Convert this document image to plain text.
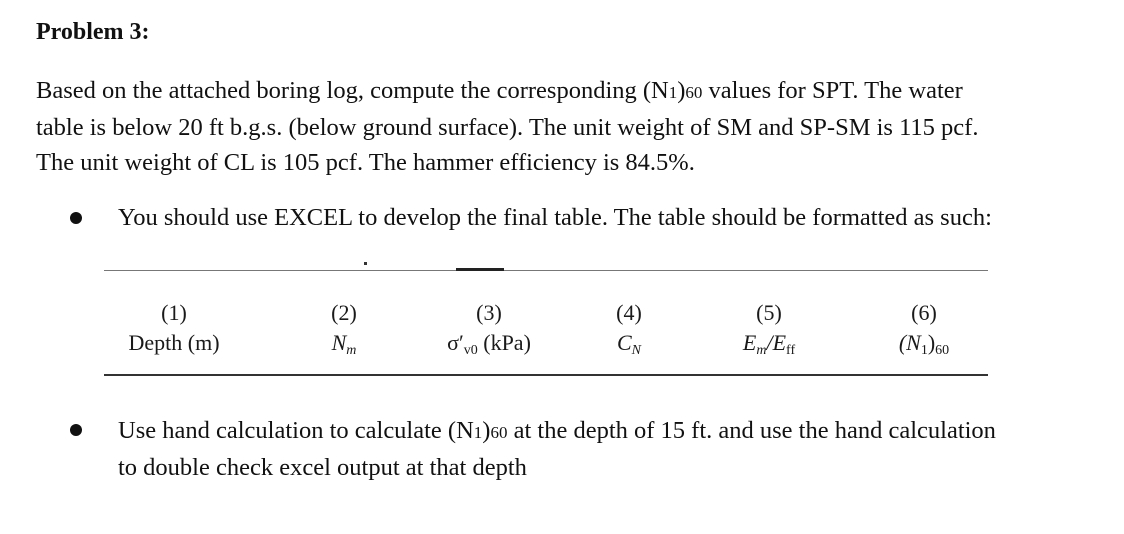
Problem 3:
Based on the attached boring log, compute the corresponding (N1)60 values for SPT. The water
table is below 20 ft b.g.s. (below ground surface). The unit weight of SM and SP-SM is 115 pcf.
The unit weight of CL is 105 pcf. The hammer efficiency is 84.5%.
You should use EXCEL to develop the final table. The table should be formatted as such:
(1)
Depth (m)
(2)
$N_m$
(3)
$\sigma'_{v0}$ (kPa)
(4)
$C_N$
(5)
$E_m/E_{ff}$
(6)
$(N_1)_{60}$
Use hand calculation to calculate (N1)60 at the depth of 15 ft. and use the hand calculation
to double check excel output at that depth
